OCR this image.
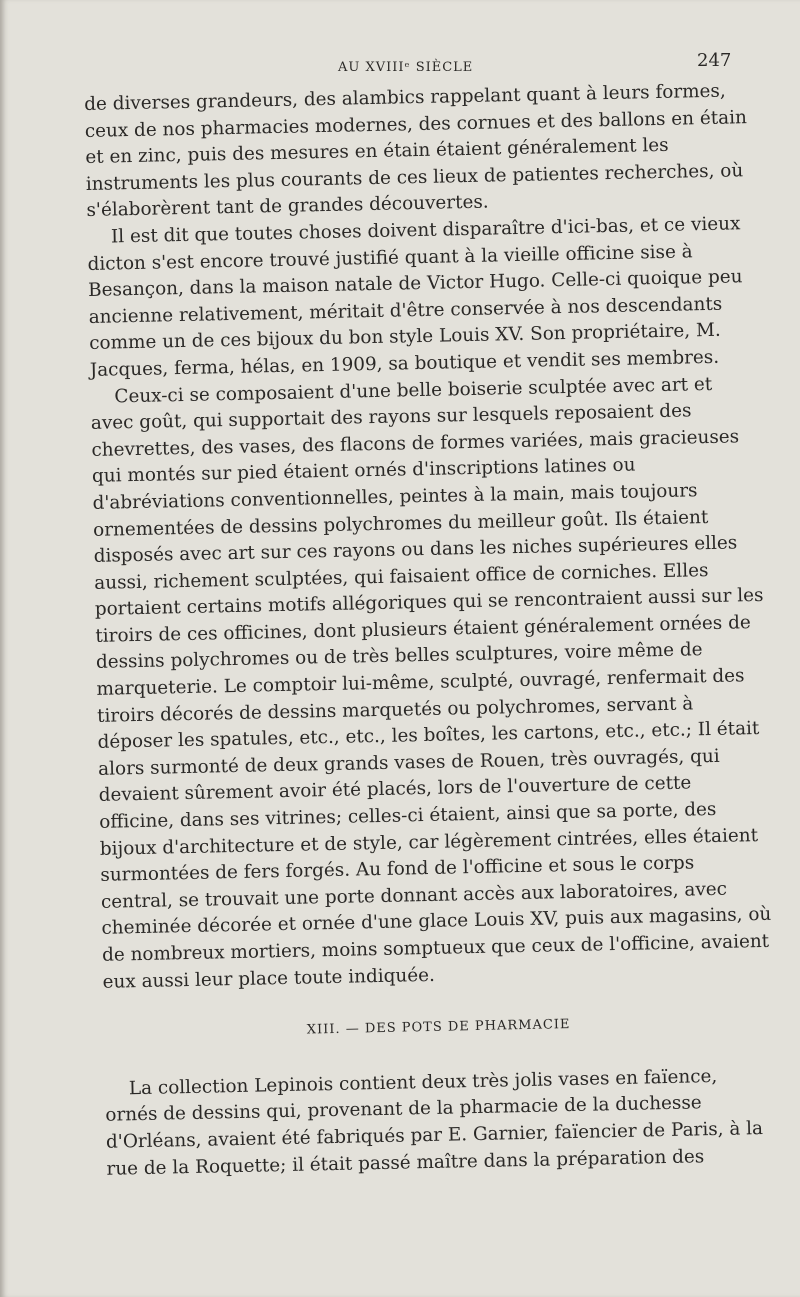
AU XVIIIᵉ SIÈCLE	247

de diverses grandeurs, des alambics rappelant quant à leurs formes, ceux de nos pharmacies modernes, des cornues et des ballons en étain et en zinc, puis des mesures en étain étaient généralement les instruments les plus courants de ces lieux de patientes recherches, où s'élaborèrent tant de grandes découvertes.

Il est dit que toutes choses doivent disparaître d'ici-bas, et ce vieux dicton s'est encore trouvé justifié quant à la vieille officine sise à Besançon, dans la maison natale de Victor Hugo. Celle-ci quoique peu ancienne relativement, méritait d'être conservée à nos descendants comme un de ces bijoux du bon style Louis XV. Son propriétaire, M. Jacques, ferma, hélas, en 1909, sa boutique et vendit ses membres.

Ceux-ci se composaient d'une belle boiserie sculptée avec art et avec goût, qui supportait des rayons sur lesquels reposaient des chevrettes, des vases, des flacons de formes variées, mais gracieuses qui montés sur pied étaient ornés d'inscriptions latines ou d'abréviations conventionnelles, peintes à la main, mais toujours ornementées de dessins polychromes du meilleur goût. Ils étaient disposés avec art sur ces rayons ou dans les niches supérieures elles aussi, richement sculptées, qui faisaient office de corniches. Elles portaient certains motifs allégoriques qui se rencontraient aussi sur les tiroirs de ces officines, dont plusieurs étaient généralement ornées de dessins polychromes ou de très belles sculptures, voire même de marqueterie. Le comptoir lui-même, sculpté, ouvragé, renfermait des tiroirs décorés de dessins marquetés ou polychromes, servant à déposer les spatules, etc., etc., les boîtes, les cartons, etc., etc.; Il était alors surmonté de deux grands vases de Rouen, très ouvragés, qui devaient sûrement avoir été placés, lors de l'ouverture de cette officine, dans ses vitrines; celles-ci étaient, ainsi que sa porte, des bijoux d'architecture et de style, car légèrement cintrées, elles étaient surmontées de fers forgés. Au fond de l'officine et sous le corps central, se trouvait une porte donnant accès aux laboratoires, avec cheminée décorée et ornée d'une glace Louis XV, puis aux magasins, où de nombreux mortiers, moins somptueux que ceux de l'officine, avaient eux aussi leur place toute indiquée.

XIII. — DES POTS DE PHARMACIE

La collection Lepinois contient deux très jolis vases en faïence, ornés de dessins qui, provenant de la pharmacie de la duchesse d'Orléans, avaient été fabriqués par E. Garnier, faïencier de Paris, à la rue de la Roquette; il était passé maître dans la préparation des
